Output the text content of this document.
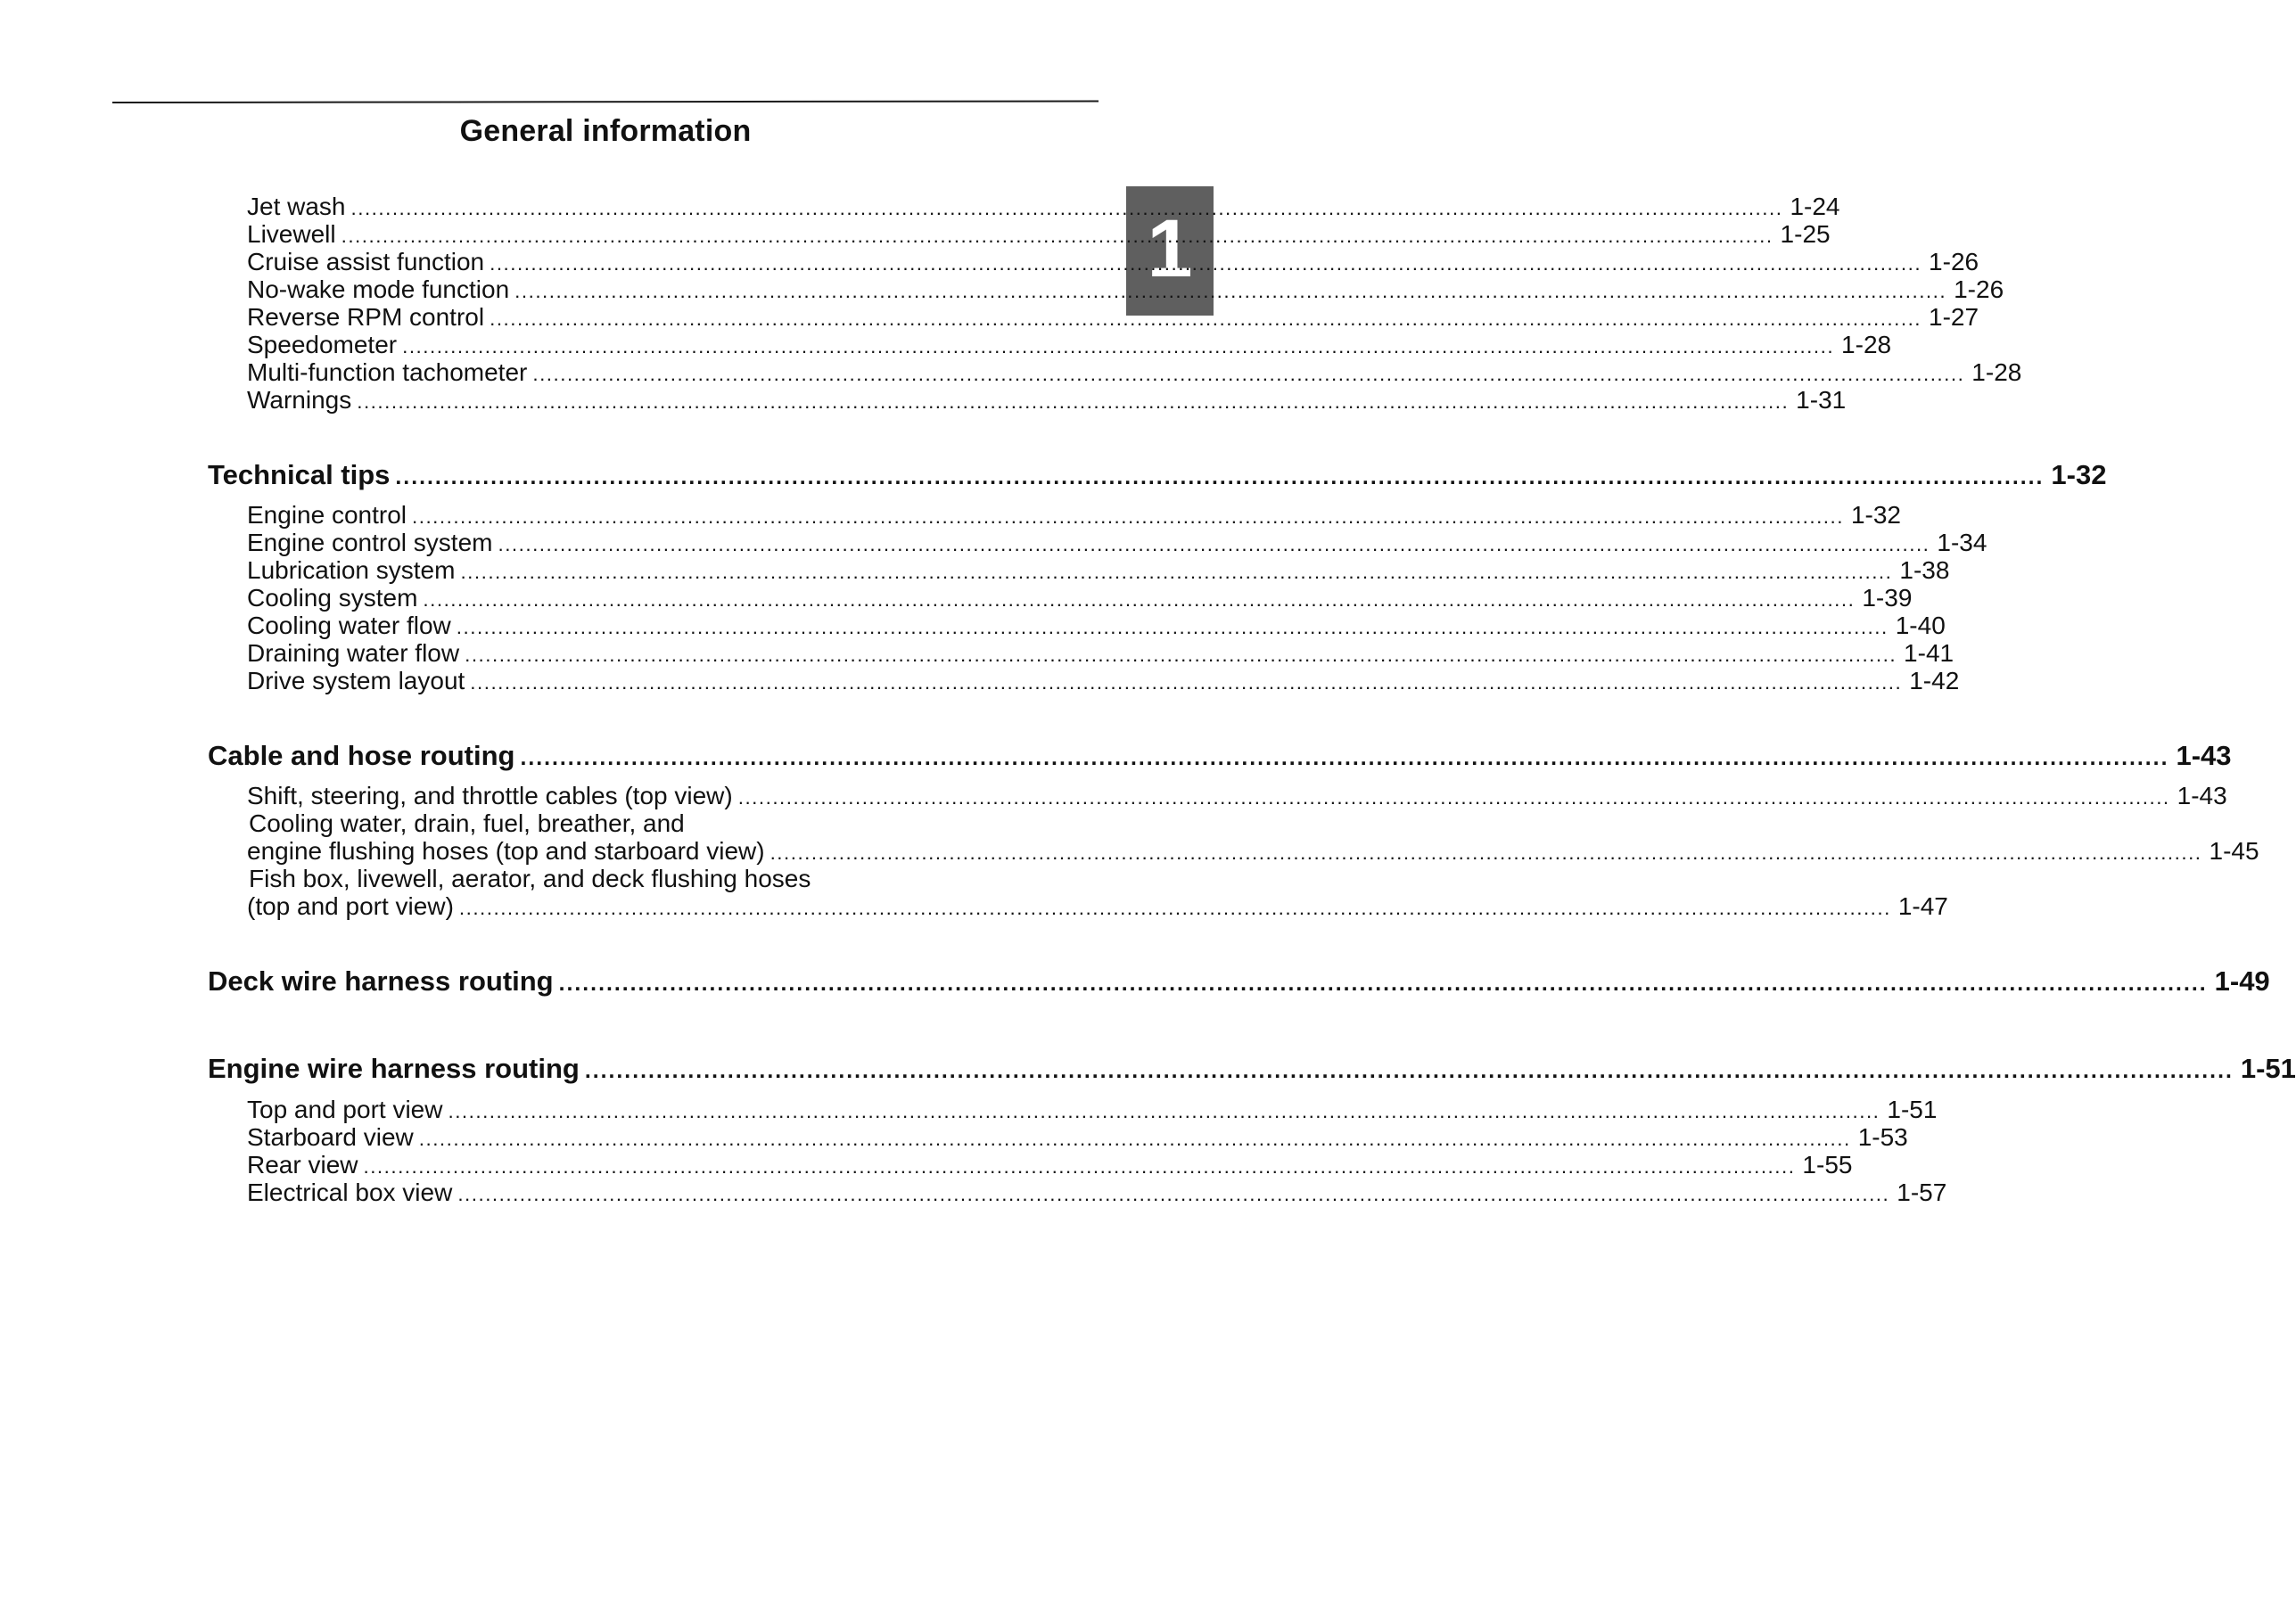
General information
1
Jet wash ................................................................................................................................................................................................................ 1-24
Livewell ................................................................................................................................................................................................................ 1-25
Cruise assist function ................................................................................................................................................................................................................ 1-26
No-wake mode function ................................................................................................................................................................................................................ 1-26
Reverse RPM control ................................................................................................................................................................................................................ 1-27
Speedometer ................................................................................................................................................................................................................ 1-28
Multi-function tachometer ................................................................................................................................................................................................................ 1-28
Warnings ................................................................................................................................................................................................................ 1-31
Technical tips ................................................................................................................................................................................................................ 1-32
Engine control ................................................................................................................................................................................................................ 1-32
Engine control system ................................................................................................................................................................................................................ 1-34
Lubrication system ................................................................................................................................................................................................................ 1-38
Cooling system ................................................................................................................................................................................................................ 1-39
Cooling water flow ................................................................................................................................................................................................................ 1-40
Draining water flow ................................................................................................................................................................................................................ 1-41
Drive system layout ................................................................................................................................................................................................................ 1-42
Cable and hose routing ................................................................................................................................................................................................................ 1-43
Shift, steering, and throttle cables (top view) ................................................................................................................................................................................................................ 1-43
Cooling water, drain, fuel, breather, and
engine flushing hoses (top and starboard view) ................................................................................................................................................................................................................ 1-45
Fish box, livewell, aerator, and deck flushing hoses
(top and port view) ................................................................................................................................................................................................................ 1-47
Deck wire harness routing ................................................................................................................................................................................................................ 1-49
Engine wire harness routing ................................................................................................................................................................................................................ 1-51
Top and port view ................................................................................................................................................................................................................ 1-51
Starboard view ................................................................................................................................................................................................................ 1-53
Rear view ................................................................................................................................................................................................................ 1-55
Electrical box view ................................................................................................................................................................................................................ 1-57
